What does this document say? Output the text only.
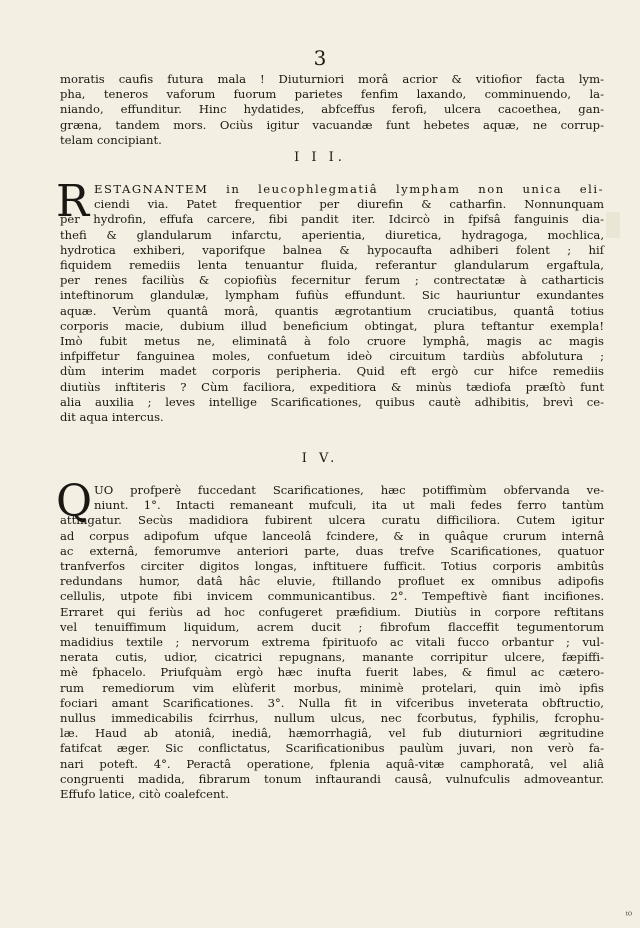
3

moratis caufis futura mala ! Diuturniori morâ acrior & vitiofior facta lym-

pha, teneros vaforum fuorum parietes fenfim laxando, comminuendo, la-

niando, effunditur. Hinc hydatides, abfceffus ferofi, ulcera cacoethea, gan-

græna, tandem mors. Ociùs igitur vacuandæ funt hebetes aquæ, ne corrup-

telam concipiant.

I I I.
R ESTAGNANTEM in leucophlegmatiâ lympham non unica eli-

ciendi via. Patet frequentior per diurefin & catharfin. Nonnunquam

per hydrofin, effufa carcere, fibi pandit iter. Idcircò in fpifsâ fanguinis dia-

thefi & glandularum infarctu, aperientia, diuretica, hydragoga, mochlica,

hydrotica exhiberi, vaporifque balnea & hypocaufta adhiberi folent ; hiſ

fiquidem remediis lenta tenuantur fluida, referantur glandularum ergaftula,

per renes faciliùs & copiofiùs fecernitur ferum ; contrectatæ à catharticis

inteftinorum glandulæ, lympham fufiùs effundunt. Sic hauriuntur exundantes

aquæ. Verùm quantâ morâ, quantis ægrotantium cruciatibus, quantâ totius

corporis macie, dubium illud beneficium obtingat, plura teftantur exempla!

Imò fubit metus ne, eliminatâ à folo cruore lymphâ, magis ac magis

infpiffetur fanguinea moles, confuetum ideò circuitum tardiùs abfolutura ;

dùm interim madet corporis peripheria. Quid eft ergò cur hifce remediis

diutiùs inftiteris ? Cùm faciliora, expeditiora & minùs tædiofa præſtò funt

alia auxilia ; leves intellige Scarificationes, quibus cautè adhibitis, brevì ce-

dit aqua intercus.

I V.
Q UO profperè fuccedant Scarificationes, hæc potiffimùm obfervanda ve-

niunt. 1°. Intacti remaneant mufculi, ita ut mali fedes ferro tantùm

attingatur. Secùs madidiora fubirent ulcera curatu difficiliora. Cutem igitur

ad corpus adipofum ufque lanceolâ fcindere, & in quâque crurum internâ

ac externâ, femorumve anteriori parte, duas trefve Scarificationes, quatuor

tranfverfos circiter digitos longas, inftituere fufficit. Totius corporis ambitûs

redundans humor, datâ hâc eluvie, ftillando profluet ex omnibus adipofis

cellulis, utpote fibi invicem communicantibus. 2°. Tempeftivè fiant incifiones.

Erraret qui feriùs ad hoc confugeret præfidium. Diutiùs in corpore reftitans

vel tenuiffimum liquidum, acrem ducit ; fibrofum flacceffit tegumentorum

madidius textile ; nervorum extrema fpirituofo ac vitali fucco orbantur ; vul-

nerata cutis, udior, cicatrici repugnans, manante corripitur ulcere, fæpiffi-

mè fphacelo. Priufquàm ergò hæc inufta fuerit labes, & fimul ac cætero-

rum remediorum vim elùferit morbus, minimè protelari, quin imò ipfis

fociari amant Scarificationes. 3°. Nulla fit in vifceribus inveterata obftructio,

nullus immedicabilis fcirrhus, nullum ulcus, nec fcorbutus, fyphilis, fcrophu-

læ. Haud ab atoniâ, inediâ, hæmorrhagiâ, vel fub diuturniori ægritudine

fatifcat æger. Sic conflictatus, Scarificationibus paulùm juvari, non verò fa-

nari poteft. 4°. Peractâ operatione, fplenia aquâ-vitæ camphoratâ, vel aliâ

congruenti madida, fibrarum tonum inftaurandi causâ, vulnufculis admoveantur.

Effufo latice, citò coalefcent.

ᵗ⁰
